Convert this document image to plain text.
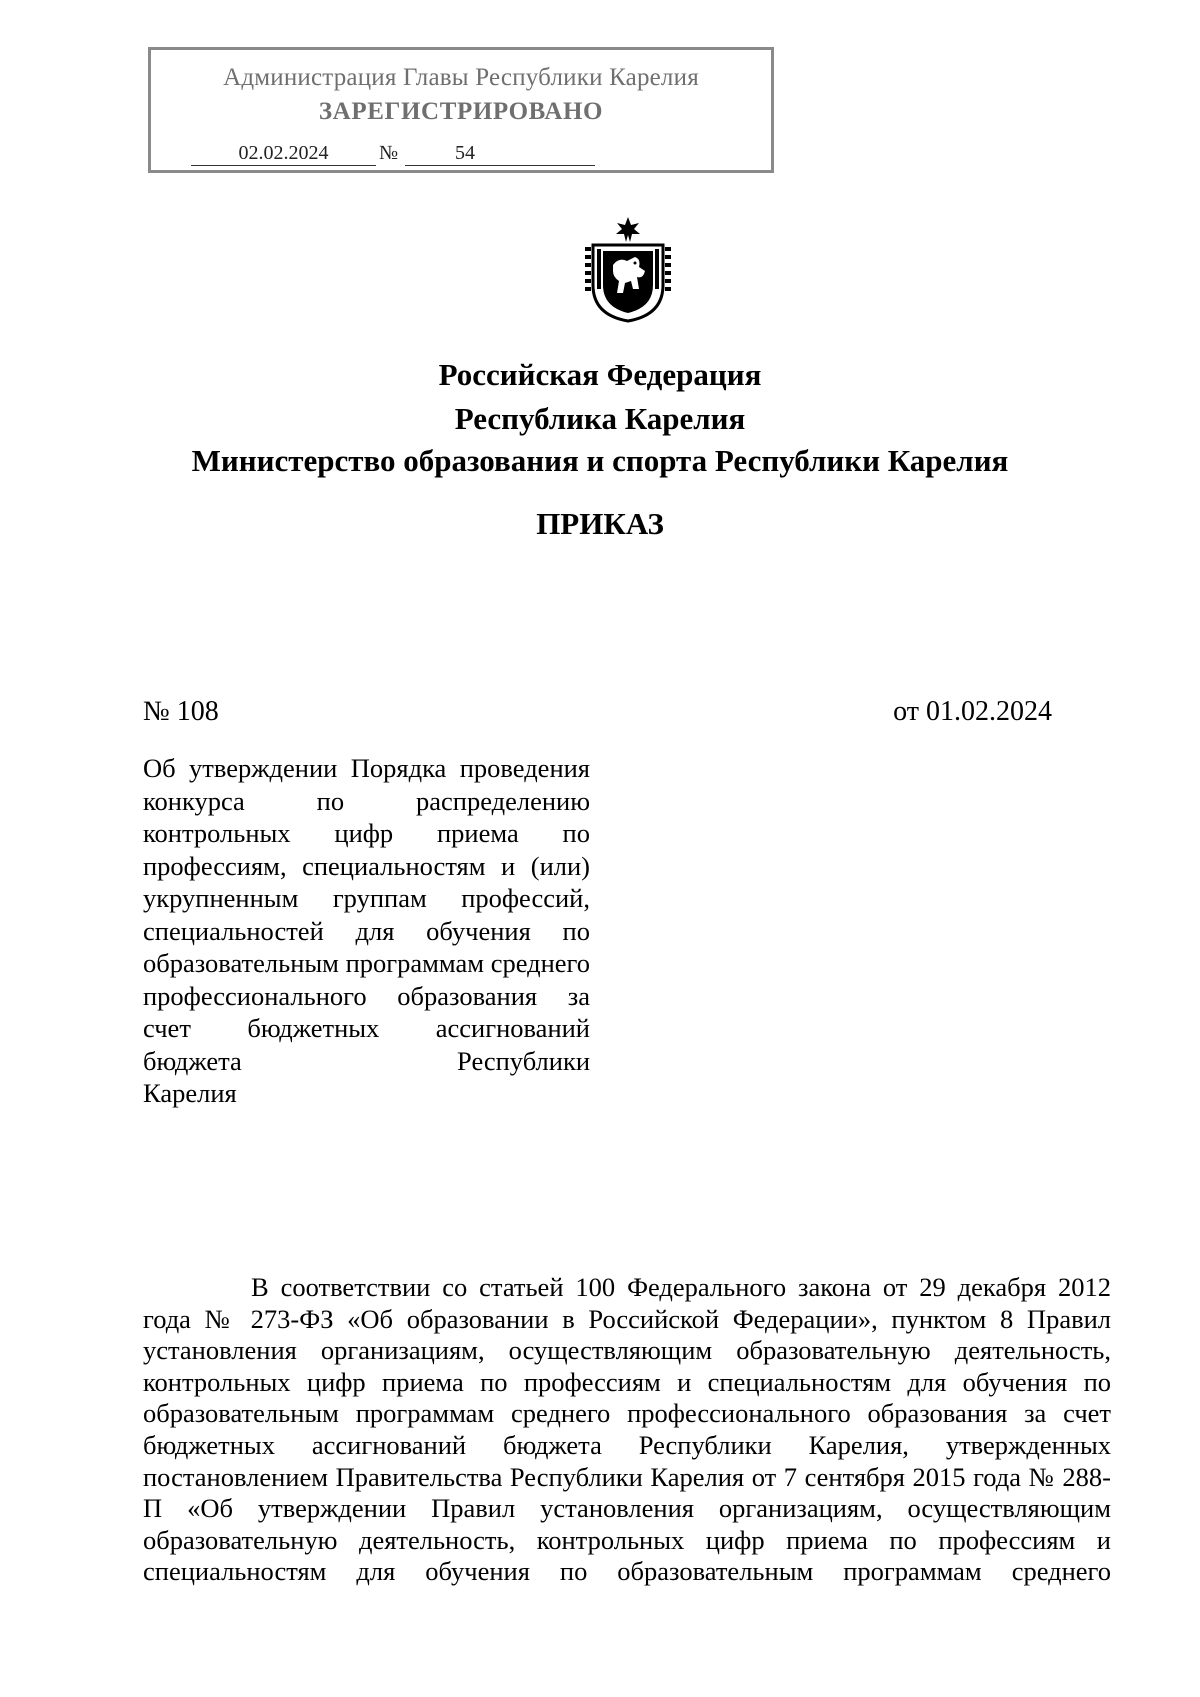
Администрация Главы Республики Карелия
ЗАРЕГИСТРИРОВАНО
02.02.2024	№	54
Российская Федерация
Республика Карелия
Министерство образования и спорта Республики Карелия
ПРИКАЗ
№ 108	от 01.02.2024
Об утверждении Порядка проведения конкурса по распределению контрольных цифр приема по профессиям, специальностям и (или) укрупненным группам профессий, специальностей для обучения по образовательным программам среднего профессионального образования за счет бюджетных ассигнований бюджета Республики
Карелия
В соответствии со статьей 100 Федерального закона от 29 декабря 2012 года № 273-ФЗ «Об образовании в Российской Федерации», пунктом 8 Правил установления организациям, осуществляющим образовательную деятельность, контрольных цифр приема по профессиям и специальностям для обучения по образовательным программам среднего профессионального образования за счет бюджетных ассигнований бюджета Республики Карелия, утвержденных постановлением Правительства Республики Карелия от 7 сентября 2015 года № 288-П «Об утверждении Правил установления организациям, осуществляющим образовательную деятельность, контрольных цифр приема по профессиям и специальностям для обучения по образовательным программам среднего
